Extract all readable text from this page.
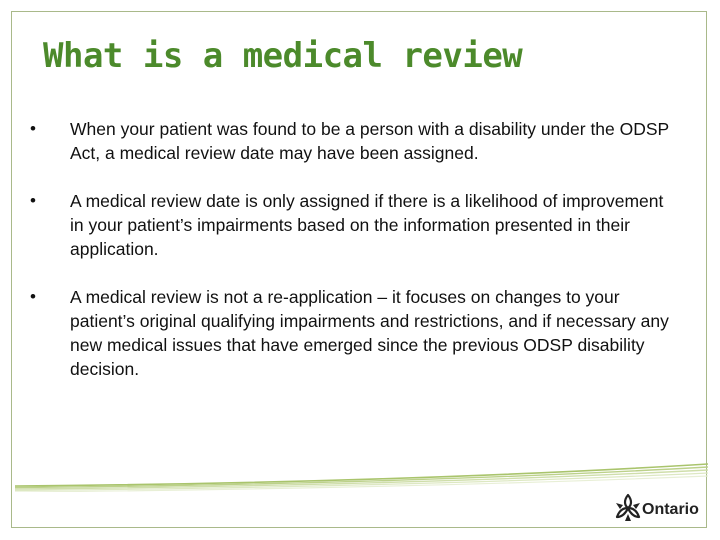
What is a medical review
•	When your patient was found to be a person with a disability under the ODSP Act, a medical review date may have been assigned.
•	A medical review date is only assigned if there is a likelihood of improvement in your patient’s impairments based on the information presented in their application.
•	A medical review is not a re-application – it focuses on changes to your patient’s original qualifying impairments and restrictions, and if necessary any new medical issues that have emerged since the previous ODSP disability decision.
Ontario
